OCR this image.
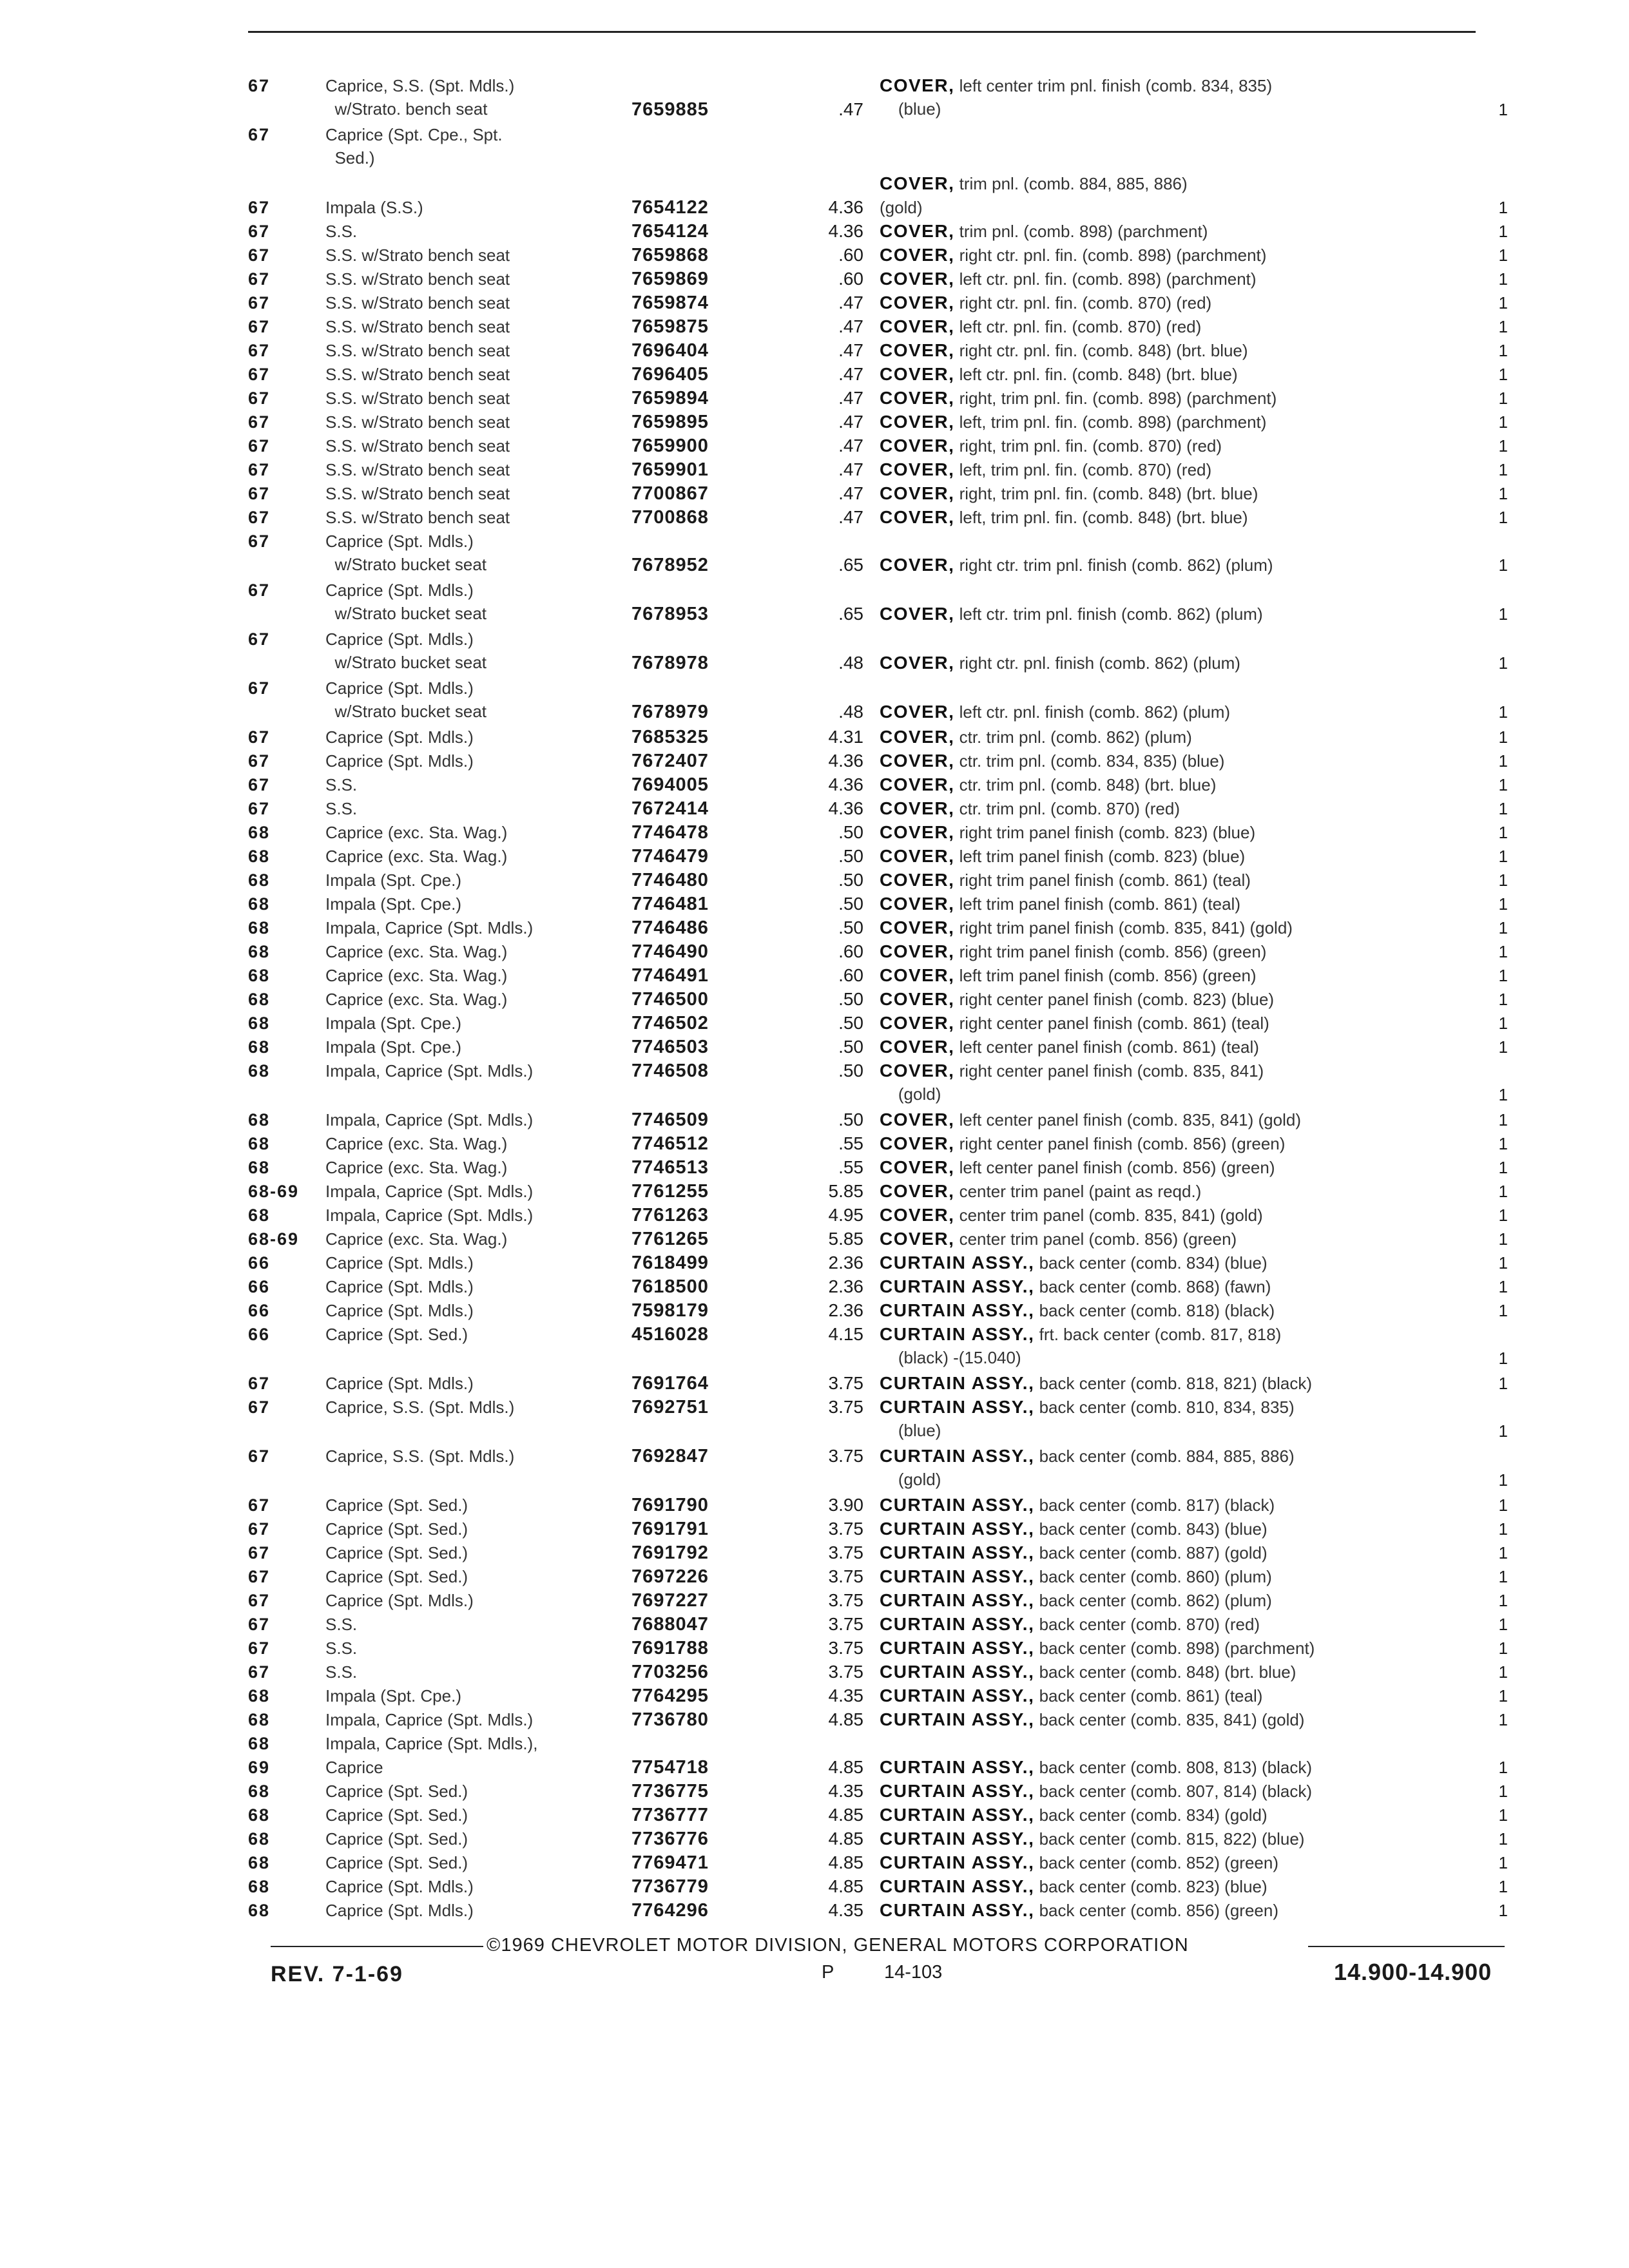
67	Caprice, S.S. (Spt. Mdls.)
w/Strato. bench seat	7659885	.47
COVER, left center trim pnl. finish (comb. 834, 835)
(blue)	1
67	Caprice (Spt. Cpe., Spt.
Sed.)

COVER, trim pnl. (comb. 884, 885, 886)
67	Impala (S.S.)	7654122	4.36 (gold)	1
67	S.S.	7654124	4.36 COVER, trim pnl. (comb. 898) (parchment)	1
67	S.S. w/Strato bench seat	7659868	.60 COVER, right ctr. pnl. fin. (comb. 898) (parchment)	1
67	S.S. w/Strato bench seat	7659869	.60 COVER, left ctr. pnl. fin. (comb. 898) (parchment)	1
67	S.S. w/Strato bench seat	7659874	.47 COVER, right ctr. pnl. fin. (comb. 870) (red)	1
67	S.S. w/Strato bench seat	7659875	.47 COVER, left ctr. pnl. fin. (comb. 870) (red)	1
67	S.S. w/Strato bench seat	7696404	.47 COVER, right ctr. pnl. fin. (comb. 848) (brt. blue)	1
67	S.S. w/Strato bench seat	7696405	.47 COVER, left ctr. pnl. fin. (comb. 848) (brt. blue)	1
67	S.S. w/Strato bench seat	7659894	.47 COVER, right, trim pnl. fin. (comb. 898) (parchment)	1
67	S.S. w/Strato bench seat	7659895	.47 COVER, left, trim pnl. fin. (comb. 898) (parchment)	1
67	S.S. w/Strato bench seat	7659900	.47 COVER, right, trim pnl. fin. (comb. 870) (red)	1
67	S.S. w/Strato bench seat	7659901	.47 COVER, left, trim pnl. fin. (comb. 870) (red)	1
67	S.S. w/Strato bench seat	7700867	.47 COVER, right, trim pnl. fin. (comb. 848) (brt. blue)	1
67	S.S. w/Strato bench seat	7700868	.47 COVER, left, trim pnl. fin. (comb. 848) (brt. blue)	1
67	Caprice (Spt. Mdls.)
w/Strato bucket seat	7678952	.65 COVER, right ctr. trim pnl. finish (comb. 862) (plum)	1
67	Caprice (Spt. Mdls.)
w/Strato bucket seat	7678953	.65 COVER, left ctr. trim pnl. finish (comb. 862) (plum)	1
67	Caprice (Spt. Mdls.)
w/Strato bucket seat	7678978	.48 COVER, right ctr. pnl. finish (comb. 862) (plum)	1
67	Caprice (Spt. Mdls.)
w/Strato bucket seat	7678979	.48 COVER, left ctr. pnl. finish (comb. 862) (plum)	1
67	Caprice (Spt. Mdls.)	7685325	4.31 COVER, ctr. trim pnl. (comb. 862) (plum)	1
67	Caprice (Spt. Mdls.)	7672407	4.36 COVER, ctr. trim pnl. (comb. 834, 835) (blue)	1
67	S.S.	7694005	4.36 COVER, ctr. trim pnl. (comb. 848) (brt. blue)	1
67	S.S.	7672414	4.36 COVER, ctr. trim pnl. (comb. 870) (red)	1
68	Caprice (exc. Sta. Wag.)	7746478	.50 COVER, right trim panel finish (comb. 823) (blue)	1
68	Caprice (exc. Sta. Wag.)	7746479	.50 COVER, left trim panel finish (comb. 823) (blue)	1
68	Impala (Spt. Cpe.)	7746480	.50 COVER, right trim panel finish (comb. 861) (teal)	1
68	Impala (Spt. Cpe.)	7746481	.50 COVER, left trim panel finish (comb. 861) (teal)	1
68	Impala, Caprice (Spt. Mdls.)	7746486	.50 COVER, right trim panel finish (comb. 835, 841) (gold)	1
68	Caprice (exc. Sta. Wag.)	7746490	.60 COVER, right trim panel finish (comb. 856) (green)	1
68	Caprice (exc. Sta. Wag.)	7746491	.60 COVER, left trim panel finish (comb. 856) (green)	1
68	Caprice (exc. Sta. Wag.)	7746500	.50 COVER, right center panel finish (comb. 823) (blue)	1
68	Impala (Spt. Cpe.)	7746502	.50 COVER, right center panel finish (comb. 861) (teal)	1
68	Impala (Spt. Cpe.)	7746503	.50 COVER, left center panel finish (comb. 861) (teal)	1
68	Impala, Caprice (Spt. Mdls.)	7746508	.50 COVER, right center panel finish (comb. 835, 841)
(gold)	1
68	Impala, Caprice (Spt. Mdls.)	7746509	.50 COVER, left center panel finish (comb. 835, 841) (gold)	1
68	Caprice (exc. Sta. Wag.)	7746512	.55 COVER, right center panel finish (comb. 856) (green)	1
68	Caprice (exc. Sta. Wag.)	7746513	.55 COVER, left center panel finish (comb. 856) (green)	1
68-69	Impala, Caprice (Spt. Mdls.)	7761255	5.85 COVER, center trim panel (paint as reqd.)	1
68	Impala, Caprice (Spt. Mdls.)	7761263	4.95 COVER, center trim panel (comb. 835, 841) (gold)	1
68-69	Caprice (exc. Sta. Wag.)	7761265	5.85 COVER, center trim panel (comb. 856) (green)	1
66	Caprice (Spt. Mdls.)	7618499	2.36 CURTAIN ASSY., back center (comb. 834) (blue)	1
66	Caprice (Spt. Mdls.)	7618500	2.36 CURTAIN ASSY., back center (comb. 868) (fawn)	1
66	Caprice (Spt. Mdls.)	7598179	2.36 CURTAIN ASSY., back center (comb. 818) (black)	1
66	Caprice (Spt. Sed.)	4516028	4.15 CURTAIN ASSY., frt. back center (comb. 817, 818)
(black) -(15.040)	1
67	Caprice (Spt. Mdls.)	7691764	3.75 CURTAIN ASSY., back center (comb. 818, 821) (black)	1
67	Caprice, S.S. (Spt. Mdls.)	7692751	3.75 CURTAIN ASSY., back center (comb. 810, 834, 835)
(blue)	1
67	Caprice, S.S. (Spt. Mdls.)	7692847	3.75 CURTAIN ASSY., back center (comb. 884, 885, 886)
(gold)	1
67	Caprice (Spt. Sed.)	7691790	3.90 CURTAIN ASSY., back center (comb. 817) (black)	1
67	Caprice (Spt. Sed.)	7691791	3.75 CURTAIN ASSY., back center (comb. 843) (blue)	1
67	Caprice (Spt. Sed.)	7691792	3.75 CURTAIN ASSY., back center (comb. 887) (gold)	1
67	Caprice (Spt. Sed.)	7697226	3.75 CURTAIN ASSY., back center (comb. 860) (plum)	1
67	Caprice (Spt. Mdls.)	7697227	3.75 CURTAIN ASSY., back center (comb. 862) (plum)	1
67	S.S.	7688047	3.75 CURTAIN ASSY., back center (comb. 870) (red)	1
67	S.S.	7691788	3.75 CURTAIN ASSY., back center (comb. 898) (parchment)	1
67	S.S.	7703256	3.75 CURTAIN ASSY., back center (comb. 848) (brt. blue)	1
68	Impala (Spt. Cpe.)	7764295	4.35 CURTAIN ASSY., back center (comb. 861) (teal)	1
68	Impala, Caprice (Spt. Mdls.)	7736780	4.85 CURTAIN ASSY., back center (comb. 835, 841) (gold)	1
68	Impala, Caprice (Spt. Mdls.),
69	Caprice	7754718	4.85 CURTAIN ASSY., back center (comb. 808, 813) (black)	1
68	Caprice (Spt. Sed.)	7736775	4.35 CURTAIN ASSY., back center (comb. 807, 814) (black)	1
68	Caprice (Spt. Sed.)	7736777	4.85 CURTAIN ASSY., back center (comb. 834) (gold)	1
68	Caprice (Spt. Sed.)	7736776	4.85 CURTAIN ASSY., back center (comb. 815, 822) (blue)	1
68	Caprice (Spt. Sed.)	7769471	4.85 CURTAIN ASSY., back center (comb. 852) (green)	1
68	Caprice (Spt. Mdls.)	7736779	4.85 CURTAIN ASSY., back center (comb. 823) (blue)	1
68	Caprice (Spt. Mdls.)	7764296	4.35 CURTAIN ASSY., back center (comb. 856) (green)	1
©1969 CHEVROLET MOTOR DIVISION, GENERAL MOTORS CORPORATION
REV. 7-1-69	P	14-103	14.900-14.900
